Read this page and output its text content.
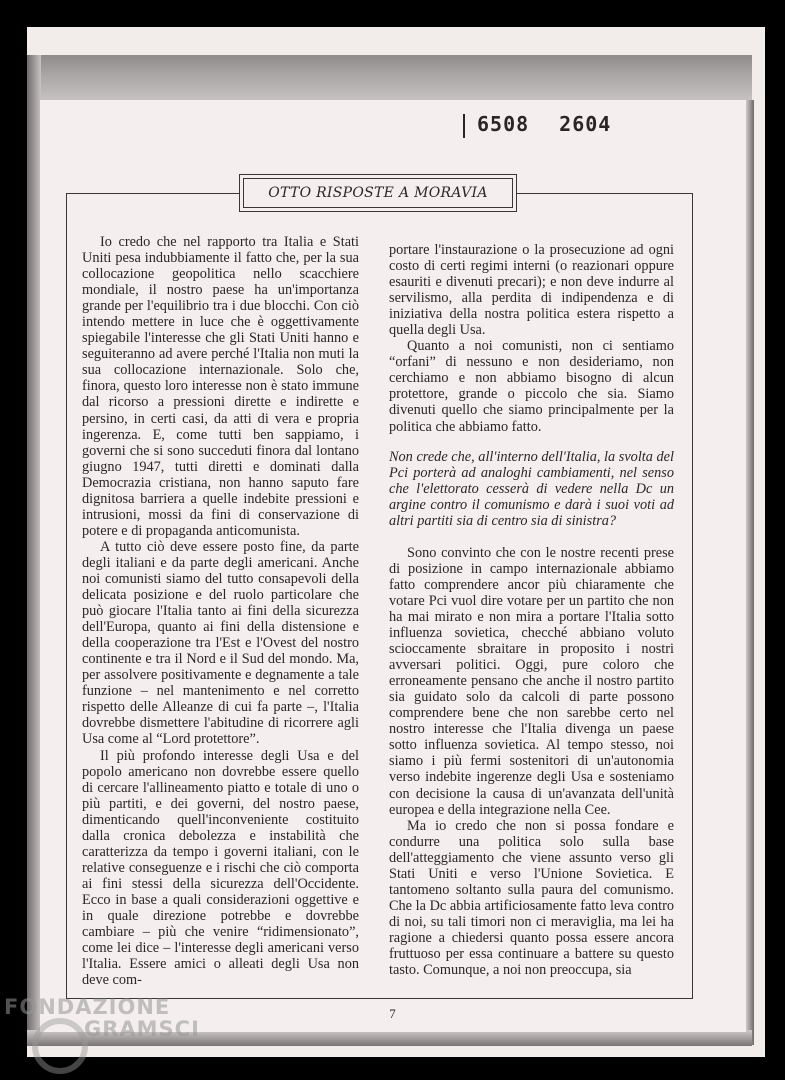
6508 2604
OTTO RISPOSTE A MORAVIA

Io credo che nel rapporto tra Italia e Stati Uniti pesa indubbiamente il fatto che, per la sua collocazione geopolitica nello scacchiere mondiale, il nostro paese ha un'importanza grande per l'equilibrio tra i due blocchi. Con ciò intendo mettere in luce che è oggettivamente spiegabile l'interesse che gli Stati Uniti hanno e seguiteranno ad avere perché l'Italia non muti la sua collocazione internazionale. Solo che, finora, questo loro interesse non è stato immune dal ricorso a pressioni dirette e indirette e persino, in certi casi, da atti di vera e propria ingerenza. E, come tutti ben sappiamo, i governi che si sono succeduti finora dal lontano giugno 1947, tutti diretti e dominati dalla Democrazia cristiana, non hanno saputo fare dignitosa barriera a quelle indebite pressioni e intrusioni, mossi da fini di conservazione di potere e di propaganda anticomunista.

A tutto ciò deve essere posto fine, da parte degli italiani e da parte degli americani. Anche noi comunisti siamo del tutto consapevoli della delicata posizione e del ruolo particolare che può giocare l'Italia tanto ai fini della sicurezza dell'Europa, quanto ai fini della distensione e della cooperazione tra l'Est e l'Ovest del nostro continente e tra il Nord e il Sud del mondo. Ma, per assolvere positivamente e degnamente a tale funzione – nel mantenimento e nel corretto rispetto delle Alleanze di cui fa parte –, l'Italia dovrebbe dismettere l'abitudine di ricorrere agli Usa come al “Lord protettore”.

Il più profondo interesse degli Usa e del popolo americano non dovrebbe essere quello di cercare l'allineamento piatto e totale di uno o più partiti, e dei governi, del nostro paese, dimenticando quell'inconveniente costituito dalla cronica debolezza e instabilità che caratterizza da tempo i governi italiani, con le relative conseguenze e i rischi che ciò comporta ai fini stessi della sicurezza dell'Occidente. Ecco in base a quali considerazioni oggettive e in quale direzione potrebbe e dovrebbe cambiare – più che venire “ridimensionato”, come lei dice – l'interesse degli americani verso l'Italia. Essere amici o alleati degli Usa non deve com-

portare l'instaurazione o la prosecuzione ad ogni costo di certi regimi interni (o reazionari oppure esauriti e divenuti precari); e non deve indurre al servilismo, alla perdita di indipendenza e di iniziativa della nostra politica estera rispetto a quella degli Usa.

Quanto a noi comunisti, non ci sentiamo “orfani” di nessuno e non desideriamo, non cerchiamo e non abbiamo bisogno di alcun protettore, grande o piccolo che sia. Siamo divenuti quello che siamo principalmente per la politica che abbiamo fatto.

Non crede che, all'interno dell'Italia, la svolta del Pci porterà ad analoghi cambiamenti, nel senso che l'elettorato cesserà di vedere nella Dc un argine contro il comunismo e darà i suoi voti ad altri partiti sia di centro sia di sinistra?

Sono convinto che con le nostre recenti prese di posizione in campo internazionale abbiamo fatto comprendere ancor più chiaramente che votare Pci vuol dire votare per un partito che non ha mai mirato e non mira a portare l'Italia sotto influenza sovietica, checché abbiano voluto scioccamente sbraitare in proposito i nostri avversari politici. Oggi, pure coloro che erroneamente pensano che anche il nostro partito sia guidato solo da calcoli di parte possono comprendere bene che non sarebbe certo nel nostro interesse che l'Italia divenga un paese sotto influenza sovietica. Al tempo stesso, noi siamo i più fermi sostenitori di un'autonomia verso indebite ingerenze degli Usa e sosteniamo con decisione la causa di un'avanzata dell'unità europea e della integrazione nella Cee.

Ma io credo che non si possa fondare e condurre una politica solo sulla base dell'atteggiamento che viene assunto verso gli Stati Uniti e verso l'Unione Sovietica. E tantomeno soltanto sulla paura del comunismo. Che la Dc abbia artificiosamente fatto leva contro di noi, su tali timori non ci meraviglia, ma lei ha ragione a chiedersi quanto possa essere ancora fruttuoso per essa continuare a battere su questo tasto. Comunque, a noi non preoccupa, sia

7
FONDAZIONE
GRAMSCI
